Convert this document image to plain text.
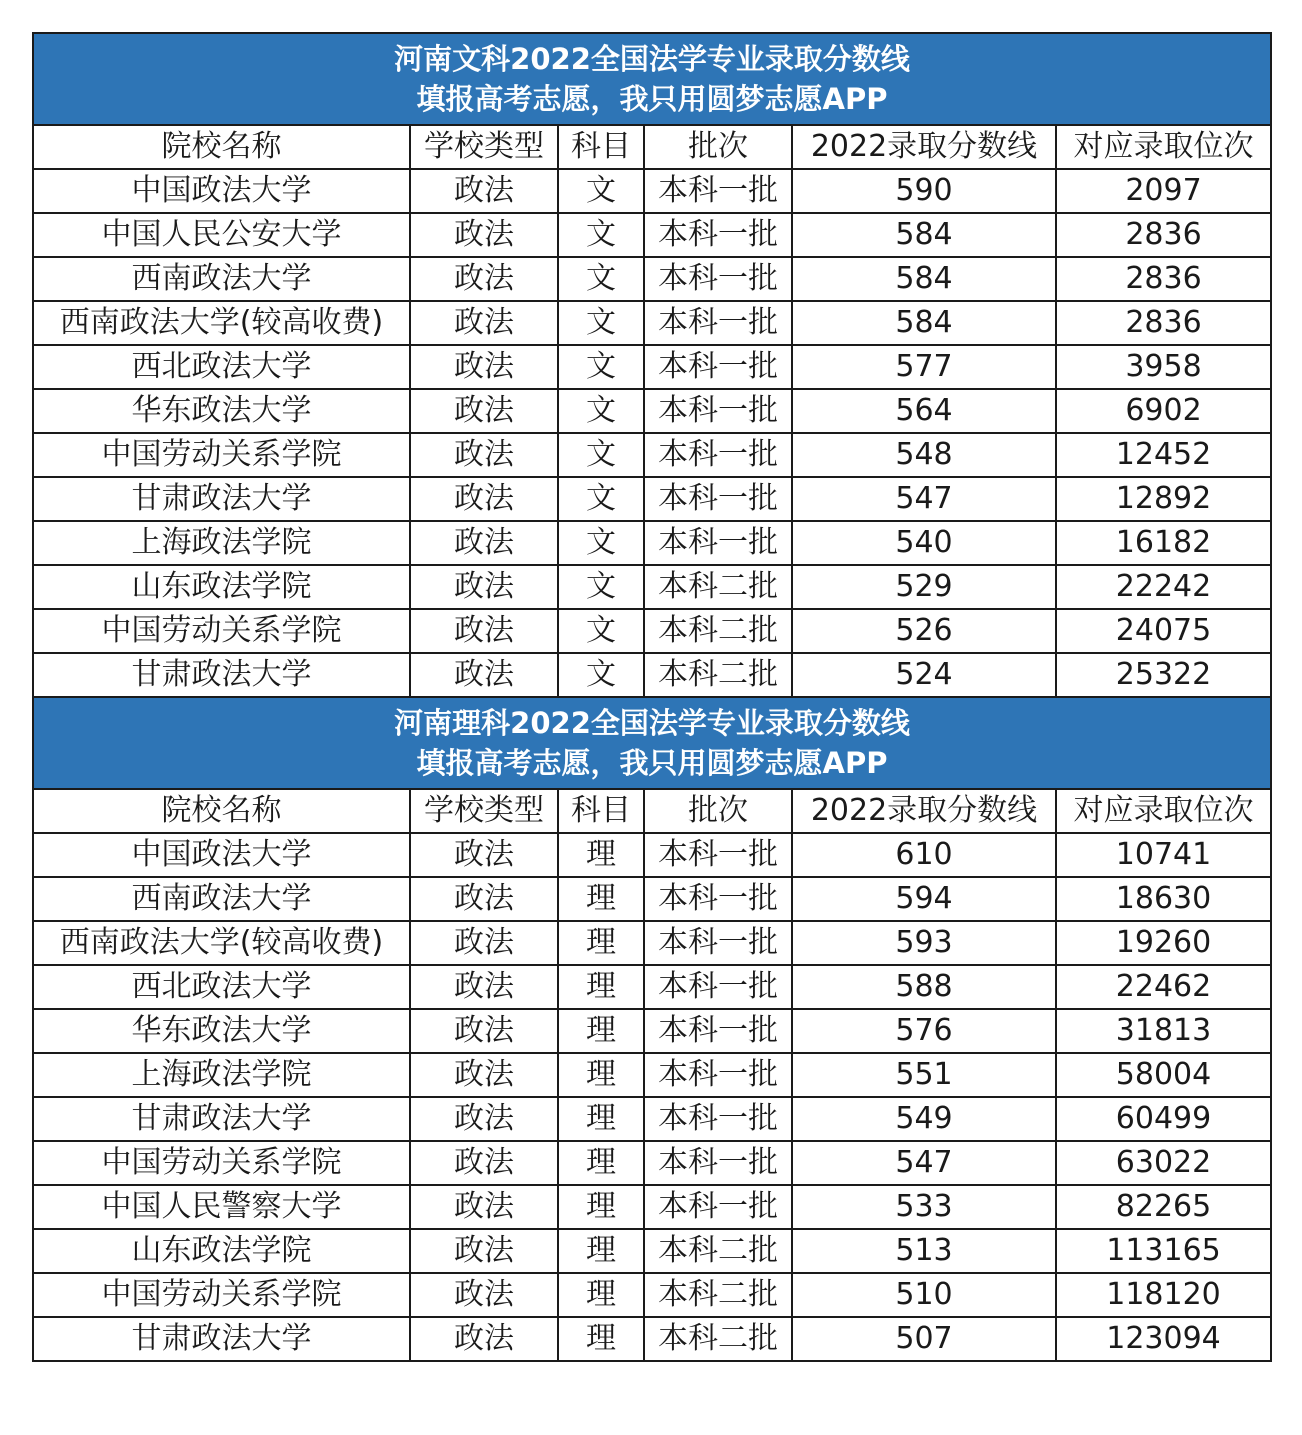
河南文科2022全国法学专业录取分数线
填报高考志愿，我只用圆梦志愿APP					

院校名称	学校类型	科目	批次	2022录取分数线	对应录取位次
中国政法大学	政法	文	本科一批	590	2097
中国人民公安大学	政法	文	本科一批	584	2836
西南政法大学	政法	文	本科一批	584	2836
西南政法大学(较高收费)	政法	文	本科一批	584	2836
西北政法大学	政法	文	本科一批	577	3958
华东政法大学	政法	文	本科一批	564	6902
中国劳动关系学院	政法	文	本科一批	548	12452
甘肃政法大学	政法	文	本科一批	547	12892
上海政法学院	政法	文	本科一批	540	16182
山东政法学院	政法	文	本科二批	529	22242
中国劳动关系学院	政法	文	本科二批	526	24075
甘肃政法大学	政法	文	本科二批	524	25322

河南理科2022全国法学专业录取分数线
填报高考志愿，我只用圆梦志愿APP					

院校名称	学校类型	科目	批次	2022录取分数线	对应录取位次
中国政法大学	政法	理	本科一批	610	10741
西南政法大学	政法	理	本科一批	594	18630
西南政法大学(较高收费)	政法	理	本科一批	593	19260
西北政法大学	政法	理	本科一批	588	22462
华东政法大学	政法	理	本科一批	576	31813
上海政法学院	政法	理	本科一批	551	58004
甘肃政法大学	政法	理	本科一批	549	60499
中国劳动关系学院	政法	理	本科一批	547	63022
中国人民警察大学	政法	理	本科一批	533	82265
山东政法学院	政法	理	本科二批	513	113165
中国劳动关系学院	政法	理	本科二批	510	118120
甘肃政法大学	政法	理	本科二批	507	123094
